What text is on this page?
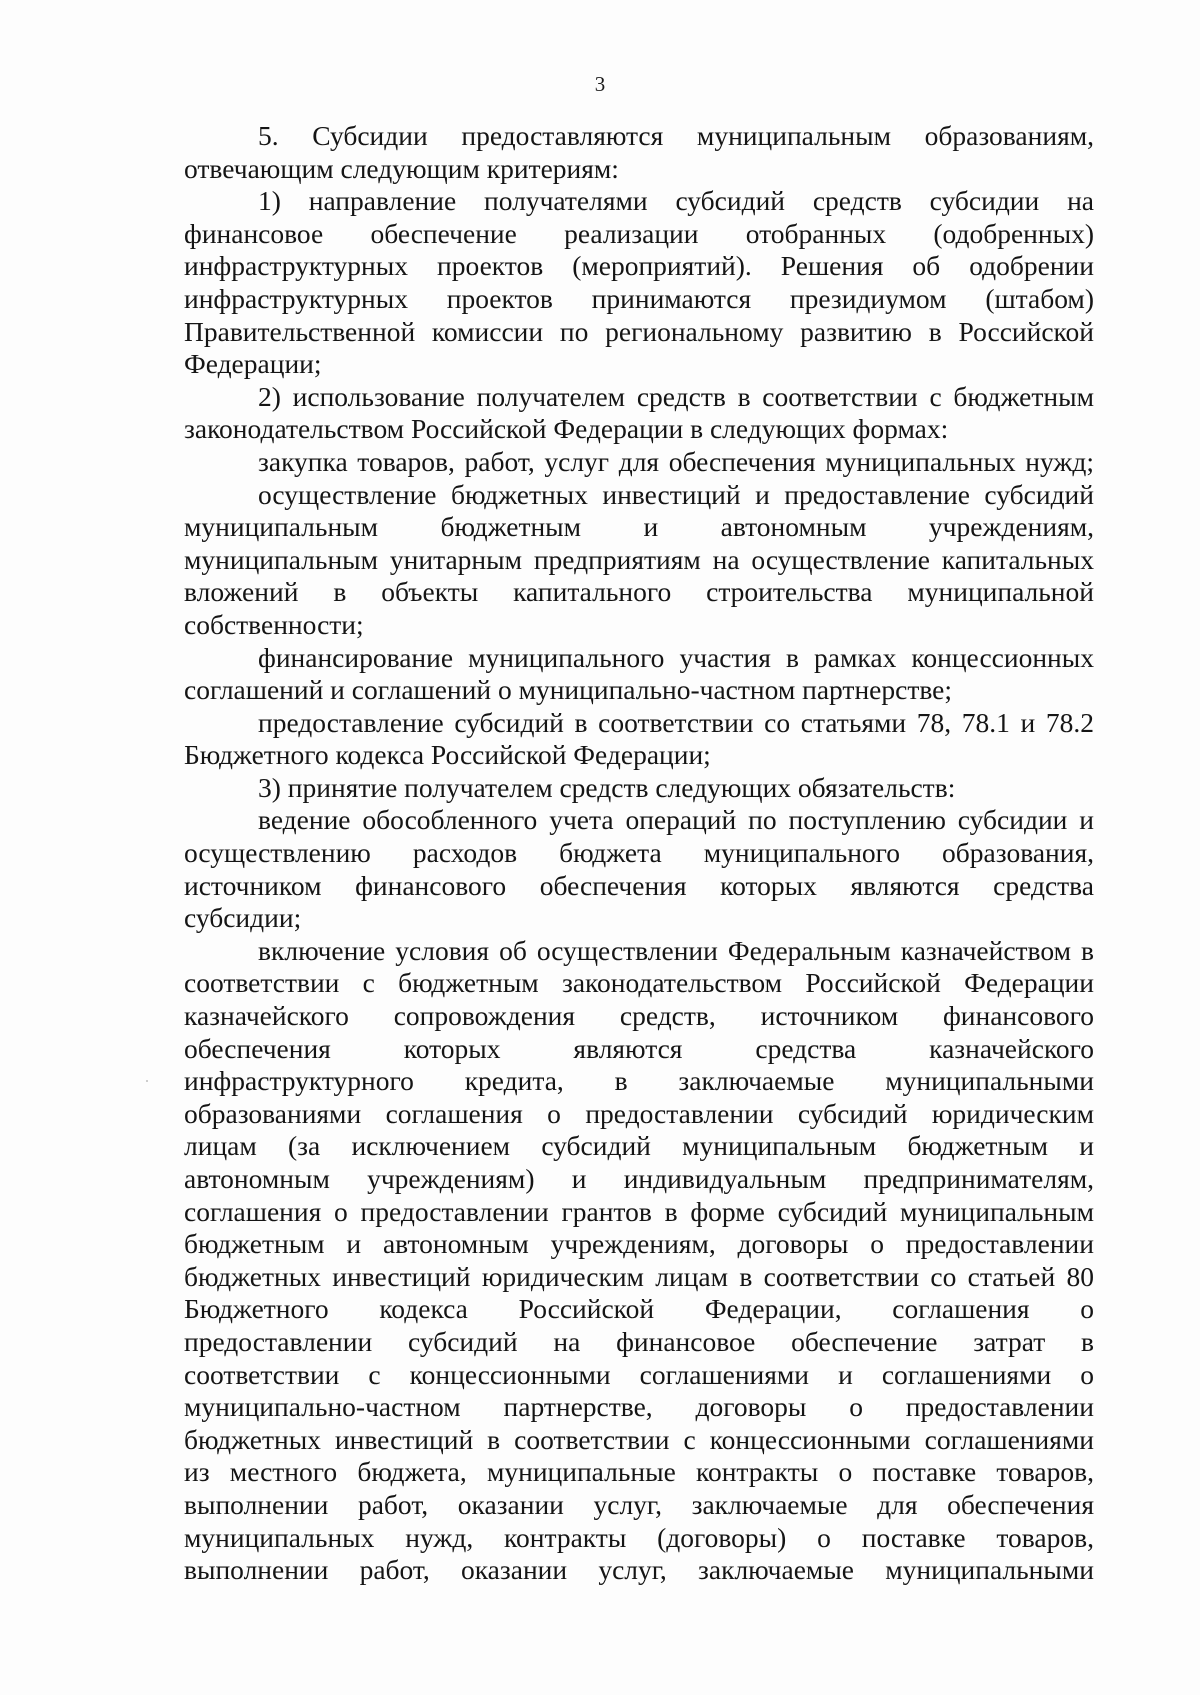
3
5. Субсидии предоставляются муниципальным образованиям,
отвечающим следующим критериям:
1) направление получателями субсидий средств субсидии на
финансовое обеспечение реализации отобранных (одобренных)
инфраструктурных проектов (мероприятий). Решения об одобрении
инфраструктурных проектов принимаются президиумом (штабом)
Правительственной комиссии по региональному развитию в Российской
Федерации;
2) использование получателем средств в соответствии с бюджетным
законодательством Российской Федерации в следующих формах:
закупка товаров, работ, услуг для обеспечения муниципальных нужд;
осуществление бюджетных инвестиций и предоставление субсидий
муниципальным бюджетным и автономным учреждениям,
муниципальным унитарным предприятиям на осуществление капитальных
вложений в объекты капитального строительства муниципальной
собственности;
финансирование муниципального участия в рамках концессионных
соглашений и соглашений о муниципально-частном партнерстве;
предоставление субсидий в соответствии со статьями 78, 78.1 и 78.2
Бюджетного кодекса Российской Федерации;
3) принятие получателем средств следующих обязательств:
ведение обособленного учета операций по поступлению субсидии и
осуществлению расходов бюджета муниципального образования,
источником финансового обеспечения которых являются средства
субсидии;
включение условия об осуществлении Федеральным казначейством в
соответствии с бюджетным законодательством Российской Федерации
казначейского сопровождения средств, источником финансового
обеспечения которых являются средства казначейского
инфраструктурного кредита, в заключаемые муниципальными
образованиями соглашения о предоставлении субсидий юридическим
лицам (за исключением субсидий муниципальным бюджетным и
автономным учреждениям) и индивидуальным предпринимателям,
соглашения о предоставлении грантов в форме субсидий муниципальным
бюджетным и автономным учреждениям, договоры о предоставлении
бюджетных инвестиций юридическим лицам в соответствии со статьей 80
Бюджетного кодекса Российской Федерации, соглашения о
предоставлении субсидий на финансовое обеспечение затрат в
соответствии с концессионными соглашениями и соглашениями о
муниципально-частном партнерстве, договоры о предоставлении
бюджетных инвестиций в соответствии с концессионными соглашениями
из местного бюджета, муниципальные контракты о поставке товаров,
выполнении работ, оказании услуг, заключаемые для обеспечения
муниципальных нужд, контракты (договоры) о поставке товаров,
выполнении работ, оказании услуг, заключаемые муниципальными
